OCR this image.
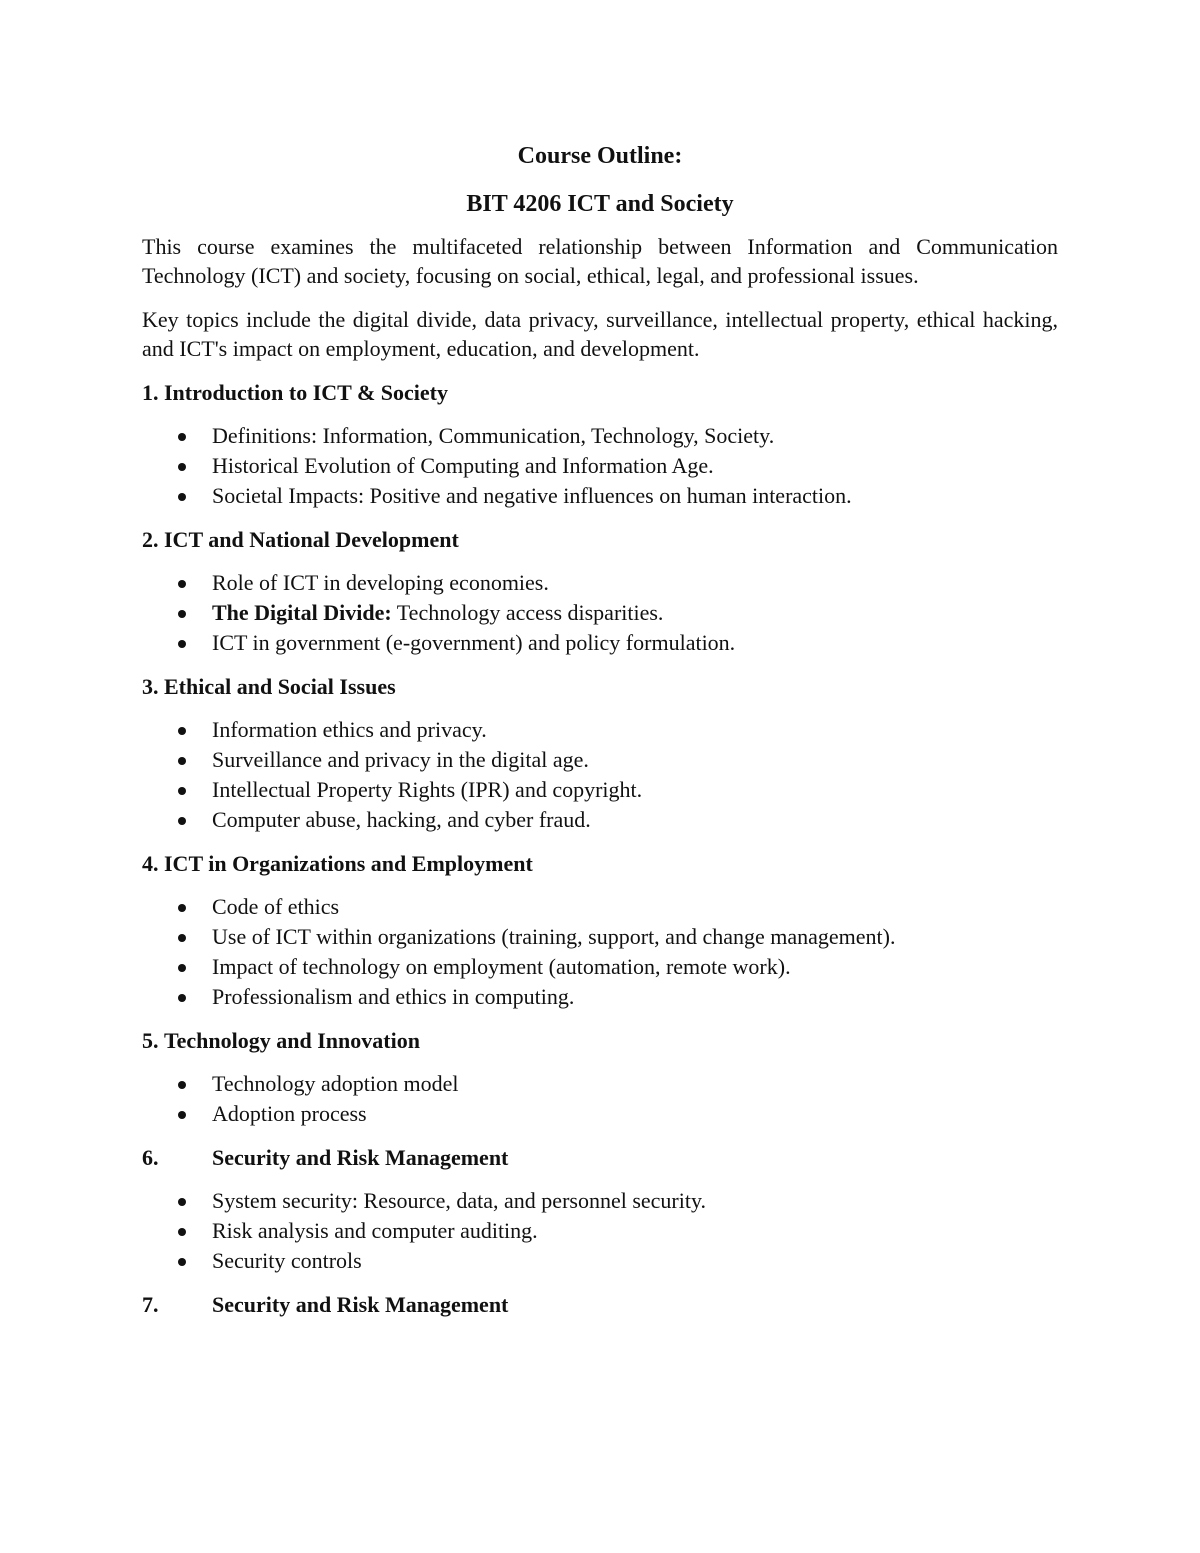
Course Outline:

BIT 4206 ICT and Society

This course examines the multifaceted relationship between Information and Communication Technology (ICT) and society, focusing on social, ethical, legal, and professional issues.

Key topics include the digital divide, data privacy, surveillance, intellectual property, ethical hacking, and ICT's impact on employment, education, and development.

1. Introduction to ICT & Society
Definitions: Information, Communication, Technology, Society.
Historical Evolution of Computing and Information Age.
Societal Impacts: Positive and negative influences on human interaction.
2. ICT and National Development
Role of ICT in developing economies.
The Digital Divide: Technology access disparities.
ICT in government (e-government) and policy formulation.
3. Ethical and Social Issues
Information ethics and privacy.
Surveillance and privacy in the digital age.
Intellectual Property Rights (IPR) and copyright.
Computer abuse, hacking, and cyber fraud.
4. ICT in Organizations and Employment
Code of ethics
Use of ICT within organizations (training, support, and change management).
Impact of technology on employment (automation, remote work).
Professionalism and ethics in computing.
5. Technology and Innovation
Technology adoption model
Adoption process
6.	Security and Risk Management
System security: Resource, data, and personnel security.
Risk analysis and computer auditing.
Security controls
7.	Security and Risk Management
